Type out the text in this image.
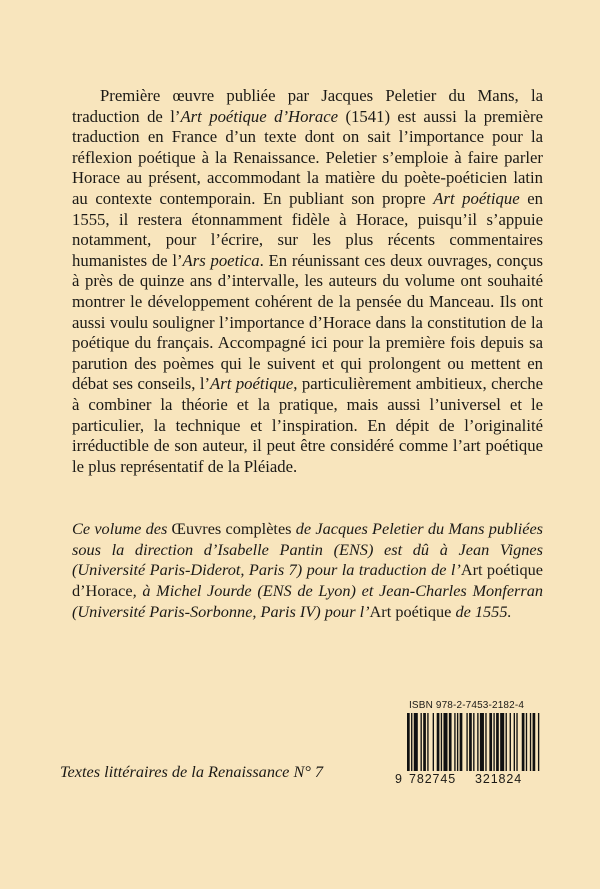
Première œuvre publiée par Jacques Peletier du Mans, la traduction de l’Art poétique d’Horace (1541) est aussi la première traduction en France d’un texte dont on sait l’importance pour la réflexion poétique à la Renaissance. Peletier s’emploie à faire parler Horace au présent, accommodant la matière du poète-poéticien latin au contexte contemporain. En publiant son propre Art poétique en 1555, il restera étonnamment fidèle à Horace, puisqu’il s’appuie notamment, pour l’écrire, sur les plus récents commentaires humanistes de l’Ars poetica. En réunissant ces deux ouvrages, conçus à près de quinze ans d’intervalle, les auteurs du volume ont souhaité montrer le développement cohérent de la pensée du Manceau. Ils ont aussi voulu souligner l’importance d’Horace dans la constitution de la poétique du français. Accompagné ici pour la première fois depuis sa parution des poèmes qui le suivent et qui prolongent ou mettent en débat ses conseils, l’Art poétique, particulièrement ambitieux, cherche à combiner la théorie et la pratique, mais aussi l’universel et le particulier, la technique et l’inspiration. En dépit de l’originalité irréductible de son auteur, il peut être considéré comme l’art poétique le plus représentatif de la Pléiade.

Ce volume des Œuvres complètes de Jacques Peletier du Mans publiées sous la direction d’Isabelle Pantin (ENS) est dû à Jean Vignes (Université Paris-Diderot, Paris 7) pour la traduction de l’Art poétique d’Horace, à Michel Jourde (ENS de Lyon) et Jean-Charles Monferran (Université Paris-Sorbonne, Paris IV) pour l’Art poétique de 1555.

Textes littéraires de la Renaissance N° 7
ISBN 978-2-7453-2182-4
9 782745	321824
